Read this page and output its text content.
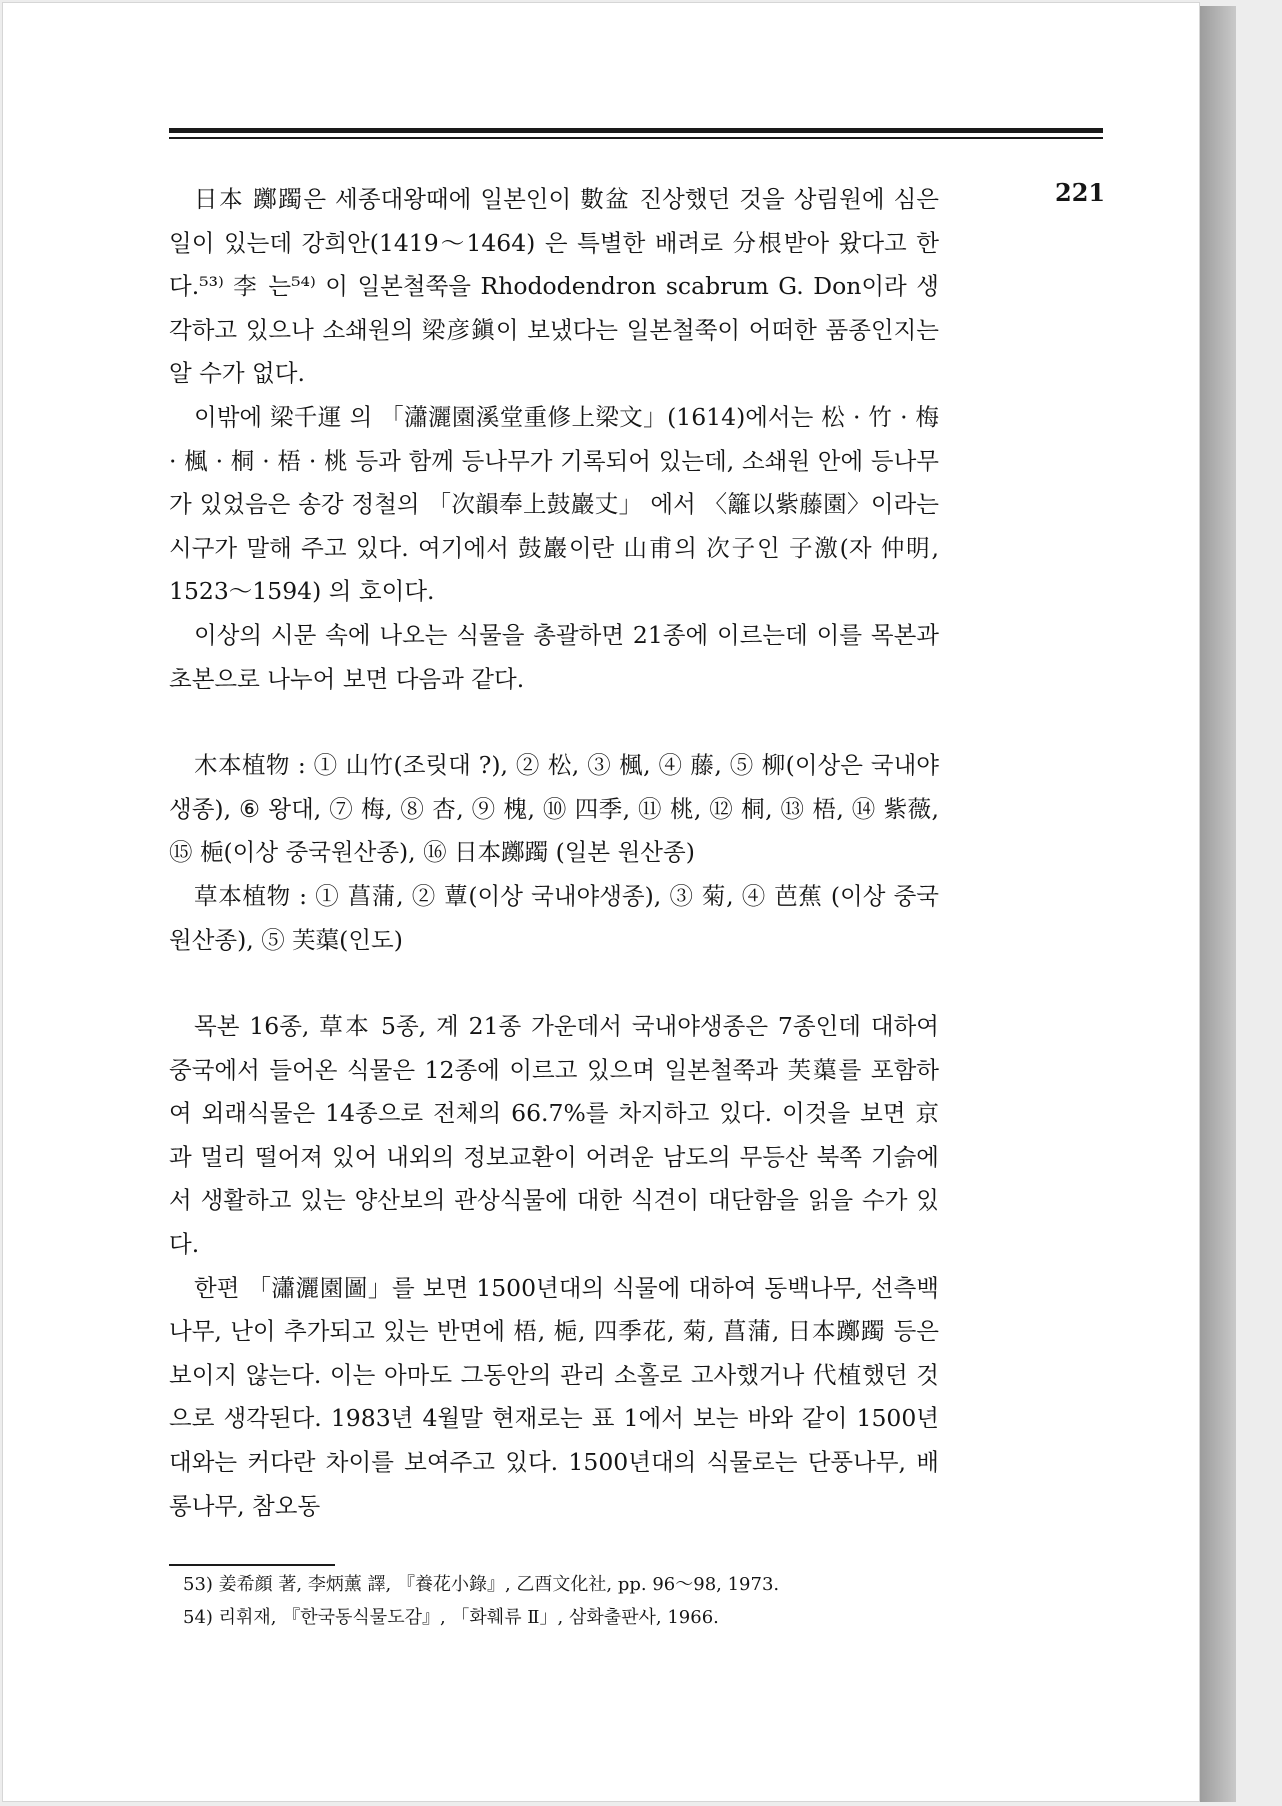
221

日本 躑躅은 세종대왕때에 일본인이 數盆 진상했던 것을 상림원에 심은 일이 있는데 강희안(1419～1464) 은 특별한 배려로 分根받아 왔다고 한다.⁵³⁾ 李 는⁵⁴⁾ 이 일본철쭉을 Rhododendron scabrum G. Don이라 생각하고 있으나 소쇄원의 梁彦鎭이 보냈다는 일본철쭉이 어떠한 품종인지는 알 수가 없다.

이밖에 梁千運 의 「瀟灑園溪堂重修上梁文」(1614)에서는 松 · 竹 · 梅 · 楓 · 桐 · 梧 · 桃 등과 함께 등나무가 기록되어 있는데, 소쇄원 안에 등나무가 있었음은 송강 정철의 「次韻奉上鼓巖丈」 에서 〈籬以紫藤園〉이라는 시구가 말해 주고 있다. 여기에서 鼓巖이란 山甫의 次子인 子激(자 仲明, 1523～1594) 의 호이다.

이상의 시문 속에 나오는 식물을 총괄하면 21종에 이르는데 이를 목본과 초본으로 나누어 보면 다음과 같다.

木本植物 : ① 山竹(조릿대 ?), ② 松, ③ 楓, ④ 藤, ⑤ 柳(이상은 국내야생종), ⑥ 왕대, ⑦ 梅, ⑧ 杏, ⑨ 槐, ⑩ 四季, ⑪ 桃, ⑫ 桐, ⑬ 梧, ⑭ 紫薇, ⑮ 梔(이상 중국원산종), ⑯ 日本躑躅 (일본 원산종)

草本植物 : ① 菖蒲, ② 蕈(이상 국내야생종), ③ 菊, ④ 芭蕉 (이상 중국원산종), ⑤ 芙蕖(인도)

목본 16종, 草本 5종, 계 21종 가운데서 국내야생종은 7종인데 대하여 중국에서 들어온 식물은 12종에 이르고 있으며 일본철쭉과 芙蕖를 포함하여 외래식물은 14종으로 전체의 66.7%를 차지하고 있다. 이것을 보면 京과 멀리 떨어져 있어 내외의 정보교환이 어려운 남도의 무등산 북쪽 기슭에서 생활하고 있는 양산보의 관상식물에 대한 식견이 대단함을 읽을 수가 있다.

한편 「瀟灑園圖」를 보면 1500년대의 식물에 대하여 동백나무, 선측백나무, 난이 추가되고 있는 반면에 梧, 梔, 四季花, 菊, 菖蒲, 日本躑躅 등은 보이지 않는다. 이는 아마도 그동안의 관리 소홀로 고사했거나 代植했던 것으로 생각된다. 1983년 4월말 현재로는 표 1에서 보는 바와 같이 1500년대와는 커다란 차이를 보여주고 있다. 1500년대의 식물로는 단풍나무, 배롱나무, 참오동

53) 姜希顔 著, 李炳薰 譯, 『養花小錄』, 乙酉文化社, pp. 96～98, 1973.

54) 리휘재, 『한국동식물도감』, 「화훼류 Ⅱ」, 삼화출판사, 1966.
